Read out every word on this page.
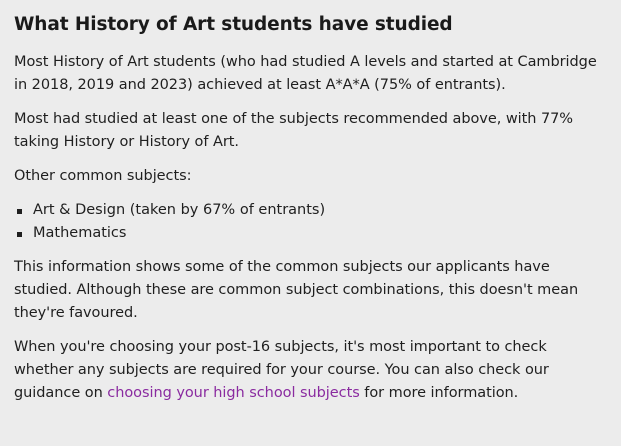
What History of Art students have studied

Most History of Art students (who had studied A levels and started at Cambridge in 2018, 2019 and 2023) achieved at least A*A*A (75% of entrants).

Most had studied at least one of the subjects recommended above, with 77% taking History or History of Art.

Other common subjects:

Art & Design (taken by 67% of entrants)
Mathematics

This information shows some of the common subjects our applicants have studied. Although these are common subject combinations, this doesn't mean they're favoured.

When you're choosing your post-16 subjects, it's most important to check whether any subjects are required for your course. You can also check our guidance on choosing your high school subjects for more information.
